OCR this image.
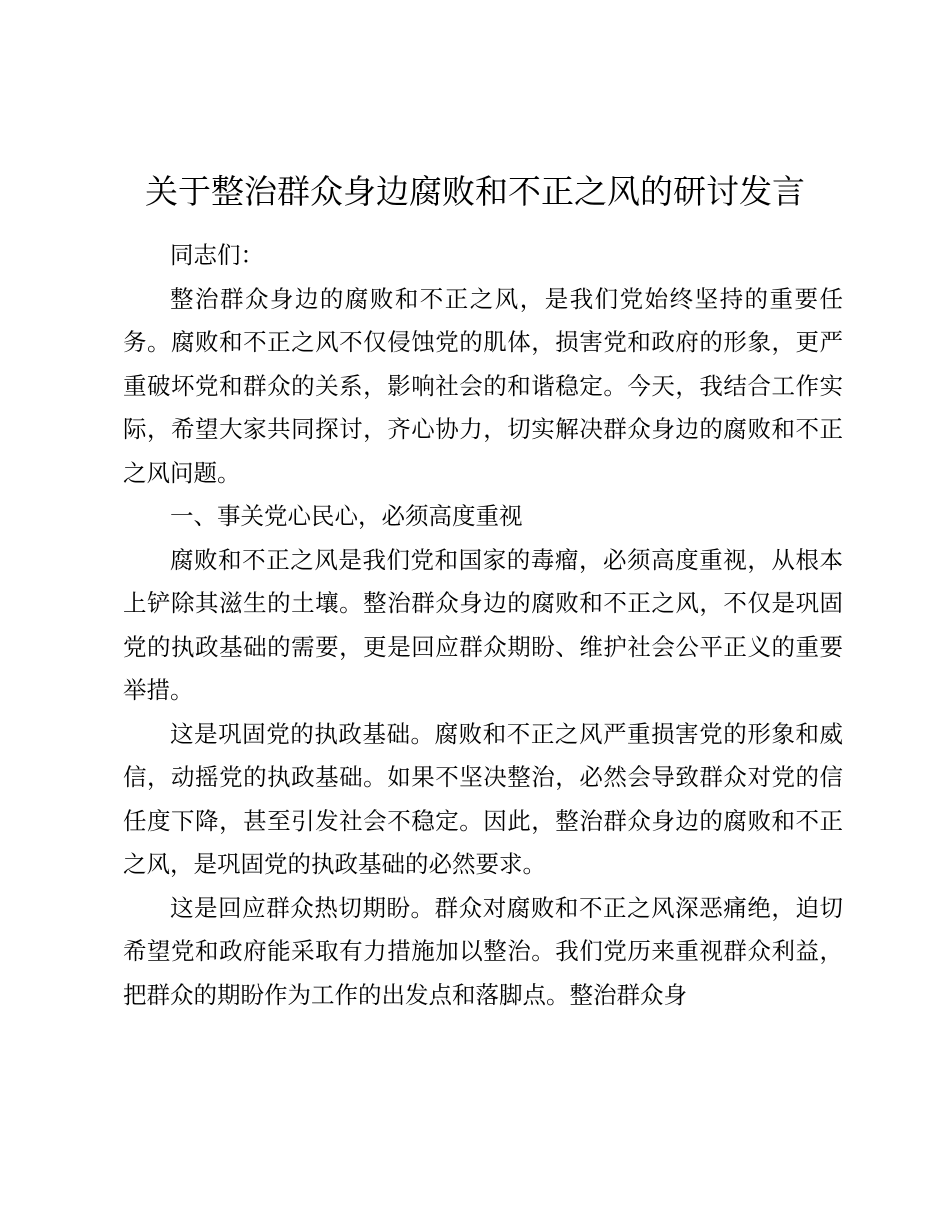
关于整治群众身边腐败和不正之风的研讨发言

同志们：

整治群众身边的腐败和不正之风，是我们党始终坚持的重要任务。腐败和不正之风不仅侵蚀党的肌体，损害党和政府的形象，更严重破坏党和群众的关系，影响社会的和谐稳定。今天，我结合工作实际，希望大家共同探讨，齐心协力，切实解决群众身边的腐败和不正之风问题。

一、事关党心民心，必须高度重视

腐败和不正之风是我们党和国家的毒瘤，必须高度重视，从根本上铲除其滋生的土壤。整治群众身边的腐败和不正之风，不仅是巩固党的执政基础的需要，更是回应群众期盼、维护社会公平正义的重要举措。

这是巩固党的执政基础。腐败和不正之风严重损害党的形象和威信，动摇党的执政基础。如果不坚决整治，必然会导致群众对党的信任度下降，甚至引发社会不稳定。因此，整治群众身边的腐败和不正之风，是巩固党的执政基础的必然要求。

这是回应群众热切期盼。群众对腐败和不正之风深恶痛绝，迫切希望党和政府能采取有力措施加以整治。我们党历来重视群众利益，把群众的期盼作为工作的出发点和落脚点。整治群众身
